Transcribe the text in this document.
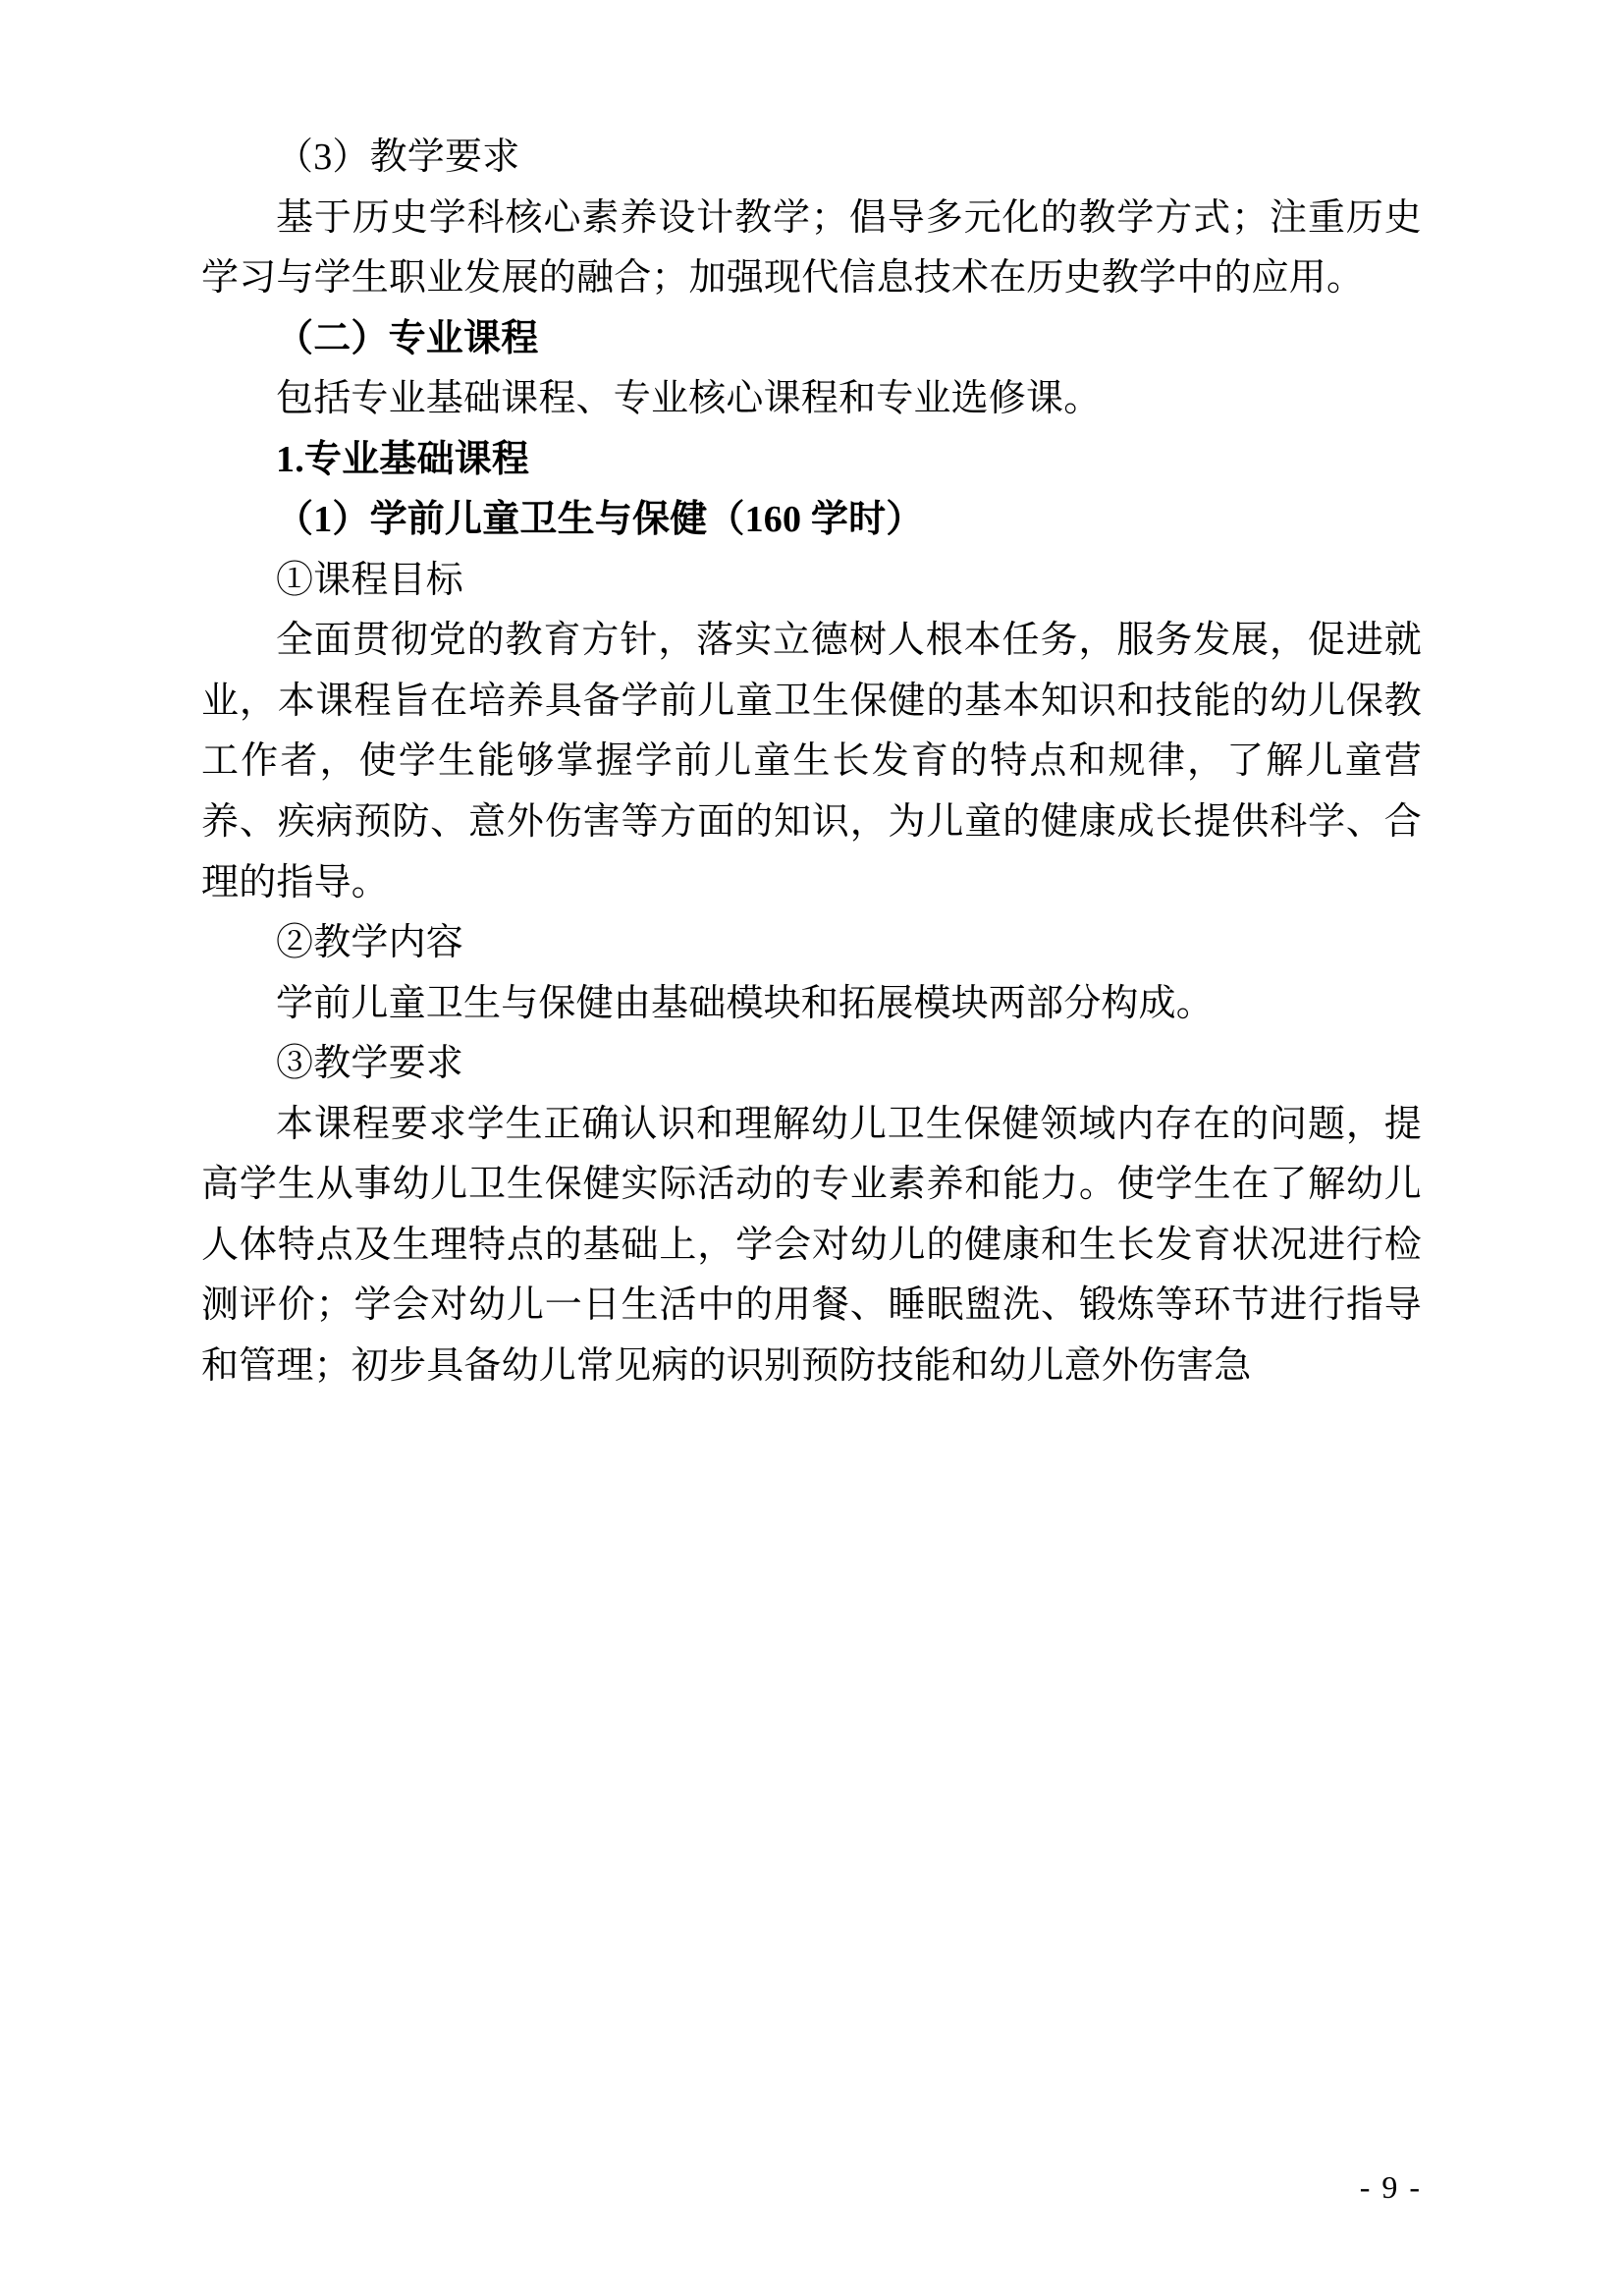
（3）教学要求

基于历史学科核心素养设计教学；倡导多元化的教学方式；注重历史学习与学生职业发展的融合；加强现代信息技术在历史教学中的应用。

（二）专业课程

包括专业基础课程、专业核心课程和专业选修课。

1.专业基础课程

（1）学前儿童卫生与保健（160 学时）

①课程目标

全面贯彻党的教育方针，落实立德树人根本任务，服务发展，促进就业，本课程旨在培养具备学前儿童卫生保健的基本知识和技能的幼儿保教工作者，使学生能够掌握学前儿童生长发育的特点和规律，了解儿童营养、疾病预防、意外伤害等方面的知识，为儿童的健康成长提供科学、合理的指导。

②教学内容

学前儿童卫生与保健由基础模块和拓展模块两部分构成。

③教学要求

本课程要求学生正确认识和理解幼儿卫生保健领域内存在的问题，提高学生从事幼儿卫生保健实际活动的专业素养和能力。使学生在了解幼儿人体特点及生理特点的基础上，学会对幼儿的健康和生长发育状况进行检测评价；学会对幼儿一日生活中的用餐、睡眠盥洗、锻炼等环节进行指导和管理；初步具备幼儿常见病的识别预防技能和幼儿意外伤害急

- 9 -
